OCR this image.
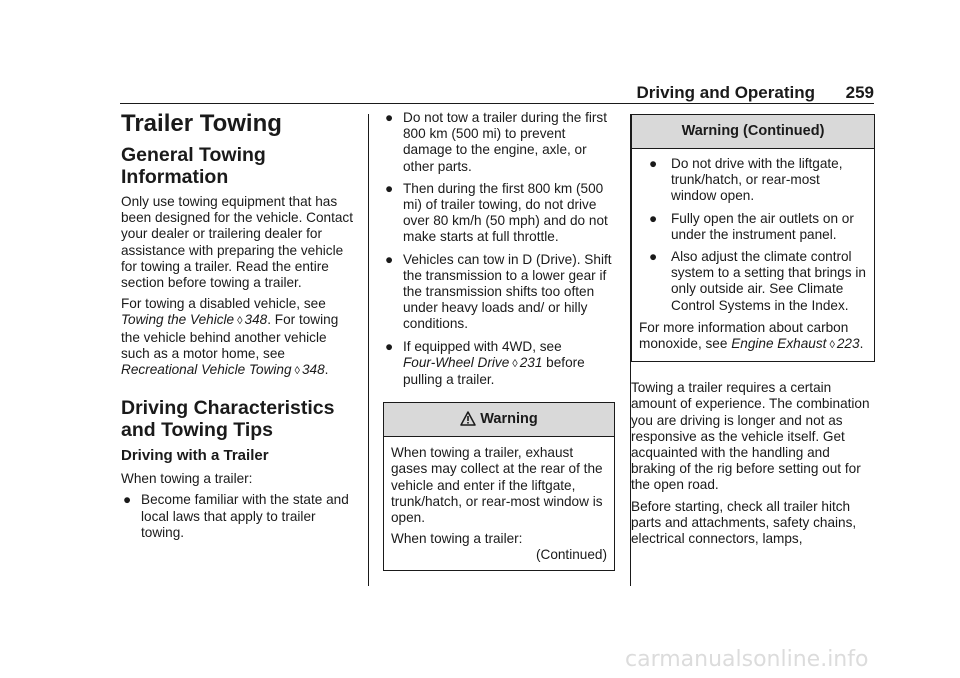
Driving and Operating 259
Trailer Towing
General Towing
Information

Only use towing equipment that has been designed for the vehicle. Contact your dealer or trailering dealer for assistance with preparing the vehicle for towing a trailer. Read the entire section before towing a trailer.

For towing a disabled vehicle, see
Towing the Vehicle ◊ 348. For towing the vehicle behind another vehicle such as a motor home, see
Recreational Vehicle Towing ◊ 348.

Driving Characteristics
and Towing Tips
Driving with a Trailer

When towing a trailer:

● Become familiar with the state and local laws that apply to trailer towing.
● Do not tow a trailer during the first 800 km (500 mi) to prevent damage to the engine, axle, or other parts.
● Then during the first 800 km (500 mi) of trailer towing, do not drive over 80 km/h (50 mph) and do not make starts at full throttle.
● Vehicles can tow in D (Drive). Shift the transmission to a lower gear if the transmission shifts too often under heavy loads and/ or hilly conditions.
● If equipped with 4WD, see
Four-Wheel Drive ◊ 231 before pulling a trailer.
Warning

When towing a trailer, exhaust gases may collect at the rear of the vehicle and enter if the liftgate, trunk/hatch, or rear-most window is open.

When towing a trailer:

(Continued)
Warning (Continued)
● Do not drive with the liftgate, trunk/hatch, or rear-most window open.
● Fully open the air outlets on or under the instrument panel.
● Also adjust the climate control system to a setting that brings in only outside air. See Climate Control Systems in the Index.

For more information about carbon monoxide, see Engine Exhaust ◊ 223.

Towing a trailer requires a certain amount of experience. The combination you are driving is longer and not as responsive as the vehicle itself. Get acquainted with the handling and braking of the rig before setting out for the open road.

Before starting, check all trailer hitch parts and attachments, safety chains, electrical connectors, lamps,

carmanualsonline.info
